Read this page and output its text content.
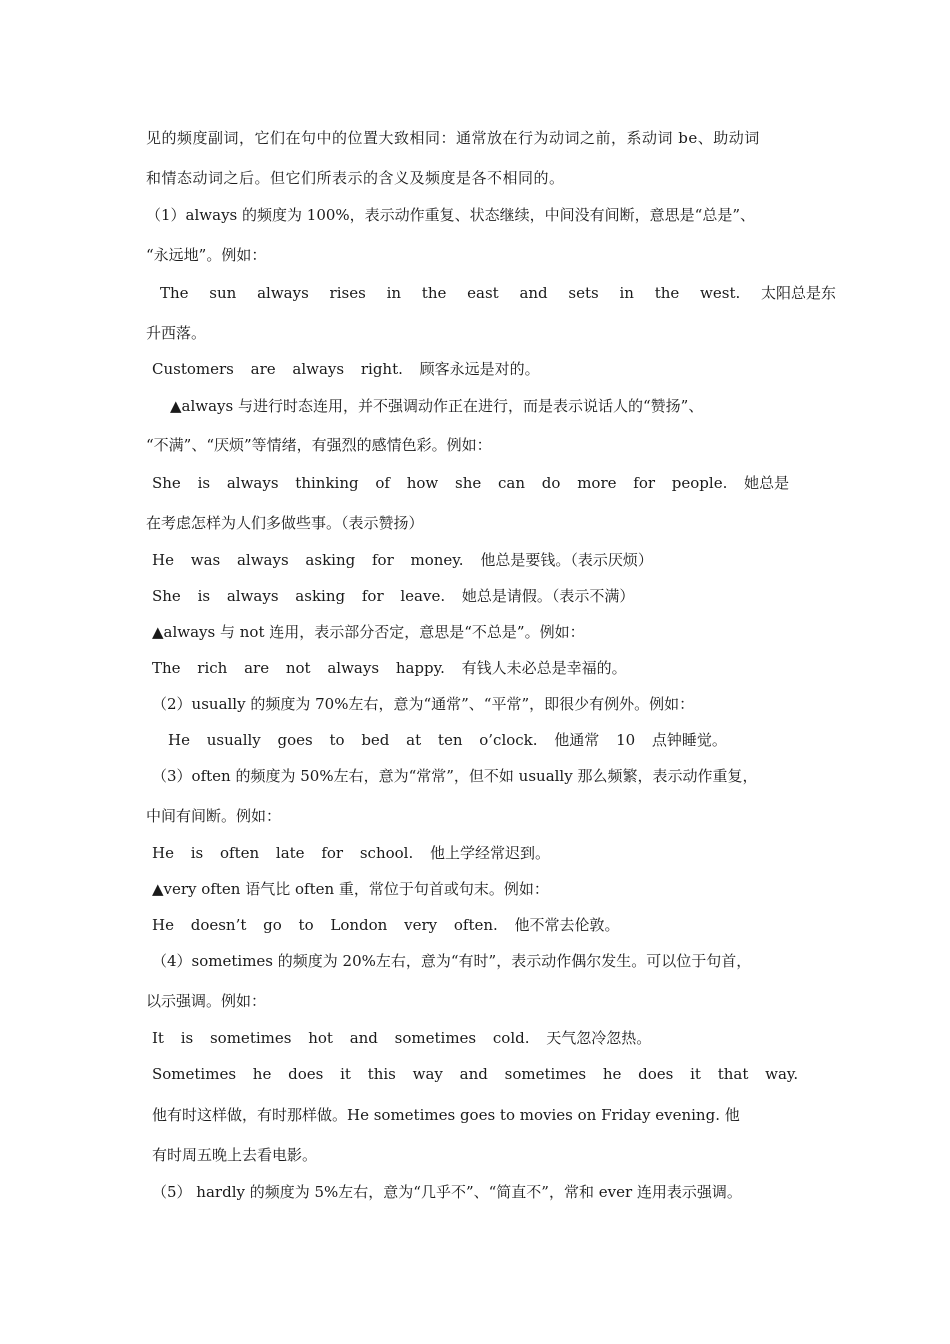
见的频度副词，它们在句中的位置大致相同：通常放在行为动词之前，系动词 be、助动词
和情态动词之后。但它们所表示的含义及频度是各不相同的。
（1）always 的频度为 100%，表示动作重复、状态继续，中间没有间断，意思是“总是”、
“永远地”。例如：
The sun always rises in the east and sets in the west. 太阳总是东
升西落。
Customers are always right. 顾客永远是对的。
▲always 与进行时态连用，并不强调动作正在进行，而是表示说话人的“赞扬”、
“不满”、“厌烦”等情绪，有强烈的感情色彩。例如：
She is always thinking of how she can do more for people. 她总是
在考虑怎样为人们多做些事。（表示赞扬）
He was always asking for money. 他总是要钱。（表示厌烦）
She is always asking for leave. 她总是请假。（表示不满）
▲always 与 not 连用，表示部分否定，意思是“不总是”。例如：
The rich are not always happy. 有钱人未必总是幸福的。
（2）usually 的频度为 70%左右，意为“通常”、“平常”，即很少有例外。例如：
He usually goes to bed at ten o’clock. 他通常 10 点钟睡觉。
（3）often 的频度为 50%左右，意为“常常”，但不如 usually 那么频繁，表示动作重复，
中间有间断。例如：
He is often late for school. 他上学经常迟到。
▲very often 语气比 often 重，常位于句首或句末。例如：
He doesn’t go to London very often. 他不常去伦敦。
（4）sometimes 的频度为 20%左右，意为“有时”，表示动作偶尔发生。可以位于句首，
以示强调。例如：
It is sometimes hot and sometimes cold. 天气忽冷忽热。
Sometimes he does it this way and sometimes he does it that way.
他有时这样做，有时那样做。He sometimes goes to movies on Friday evening. 他
有时周五晚上去看电影。
（5） hardly 的频度为 5%左右，意为“几乎不”、“简直不”，常和 ever 连用表示强调。
